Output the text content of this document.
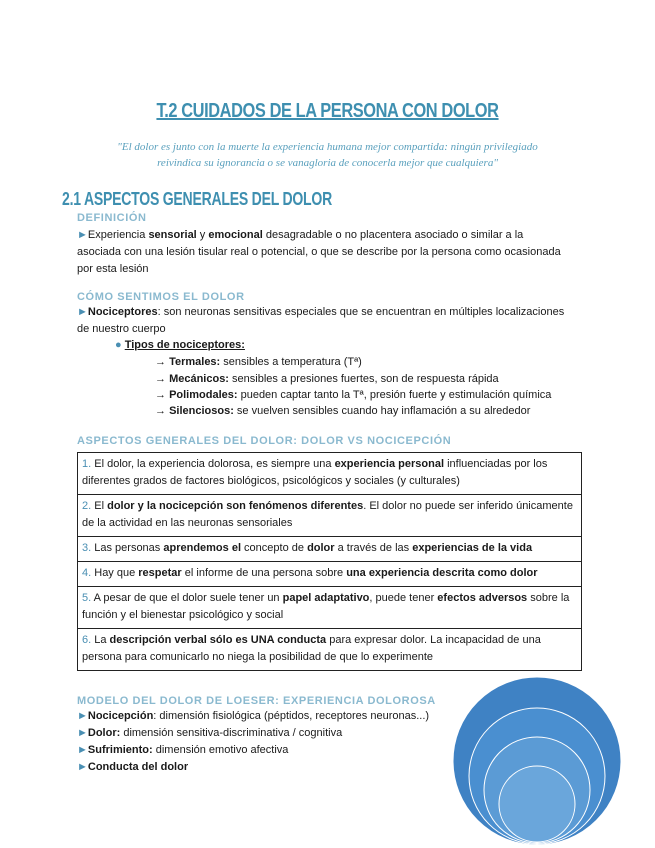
T.2 CUIDADOS DE LA PERSONA CON DOLOR
"El dolor es junto con la muerte la experiencia humana mejor compartida: ningún privilegiado
reivindica su ignorancia o se vanagloria de conocerla mejor que cualquiera"
2.1 ASPECTOS GENERALES DEL DOLOR
DEFINICIÓN
►Experiencia sensorial y emocional desagradable o no placentera asociado o similar a la asociada con una lesión tisular real o potencial, o que se describe por la persona como ocasionada por esta lesión
CÓMO SENTIMOS EL DOLOR
►Nociceptores: son neuronas sensitivas especiales que se encuentran en múltiples localizaciones de nuestro cuerpo
● Tipos de nociceptores:
→ Termales: sensibles a temperatura (Tª)
→ Mecánicos: sensibles a presiones fuertes, son de respuesta rápida
→ Polimodales: pueden captar tanto la Tª, presión fuerte y estimulación química
→ Silenciosos: se vuelven sensibles cuando hay inflamación a su alrededor
ASPECTOS GENERALES DEL DOLOR: DOLOR VS NOCICEPCIÓN
1. El dolor, la experiencia dolorosa, es siempre una experiencia personal influenciadas por los diferentes grados de factores biológicos, psicológicos y sociales (y culturales)
2. El dolor y la nocicepción son fenómenos diferentes. El dolor no puede ser inferido únicamente de la actividad en las neuronas sensoriales
3. Las personas aprendemos el concepto de dolor a través de las experiencias de la vida
4. Hay que respetar el informe de una persona sobre una experiencia descrita como dolor
5. A pesar de que el dolor suele tener un papel adaptativo, puede tener efectos adversos sobre la función y el bienestar psicológico y social
6. La descripción verbal sólo es UNA conducta para expresar dolor. La incapacidad de una persona para comunicarlo no niega la posibilidad de que lo experimente
MODELO DEL DOLOR DE LOESER: EXPERIENCIA DOLOROSA
►Nocicepción: dimensión fisiológica (péptidos, receptores neuronas...)
►Dolor: dimensión sensitiva-discriminativa / cognitiva
►Sufrimiento: dimensión emotivo afectiva
►Conducta del dolor
